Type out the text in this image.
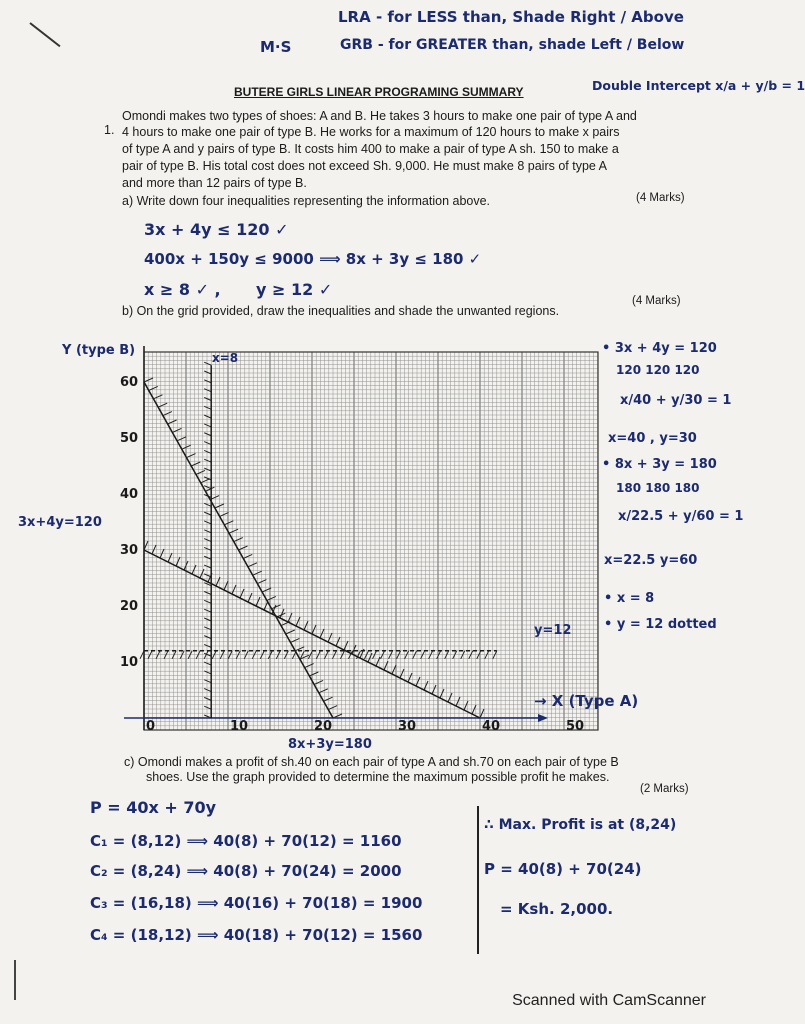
LRA - for LESS than, Shade Right / Above
M·S	GRB - for GREATER than, shade Left / Below
Double Intercept x/a + y/b = 1
BUTERE GIRLS LINEAR PROGRAMING SUMMARY
1.
Omondi makes two types of shoes: A and B. He takes 3 hours to make one pair of type A and
4 hours to make one pair of type B. He works for a maximum of 120 hours to make x pairs
of type A and y pairs of type B. It costs him 400 to make a pair of type A sh. 150 to make a
pair of type B. His total cost does not exceed Sh. 9,000. He must make 8 pairs of type A
and more than 12 pairs of type B.
a) Write down four inequalities representing the information above.	(4 Marks)
3x + 4y ≤ 120 ✓
400x + 150y ≤ 9000 ⟹ 8x + 3y ≤ 180 ✓
x ≥ 8 ✓ , y ≥ 12 ✓
b) On the grid provided, draw the inequalities and shade the unwanted regions.
(4 Marks)
0	10	20	30	40	50
10
20
30
40
50
60
Y (type B)
→ X (Type A)
3x+4y=120
8x+3y=180
x=8
y=12
• 3x + 4y = 120
120 120 120
x/40 + y/30 = 1
x=40 , y=30
• 8x + 3y = 180
180 180 180
x/22.5 + y/60 = 1
x=22.5 y=60
• x = 8
• y = 12 dotted
c) Omondi makes a profit of sh.40 on each pair of type A and sh.70 on each pair of type B
shoes. Use the graph provided to determine the maximum possible profit he makes.
(2 Marks)
P = 40x + 70y
C₁ = (8,12) ⟹ 40(8) + 70(12) = 1160
C₂ = (8,24) ⟹ 40(8) + 70(24) = 2000
C₃ = (16,18) ⟹ 40(16) + 70(18) = 1900
C₄ = (18,12) ⟹ 40(18) + 70(12) = 1560
∴ Max. Profit is at (8,24)
P = 40(8) + 70(24)
= Ksh. 2,000.
Scanned with CamScanner
